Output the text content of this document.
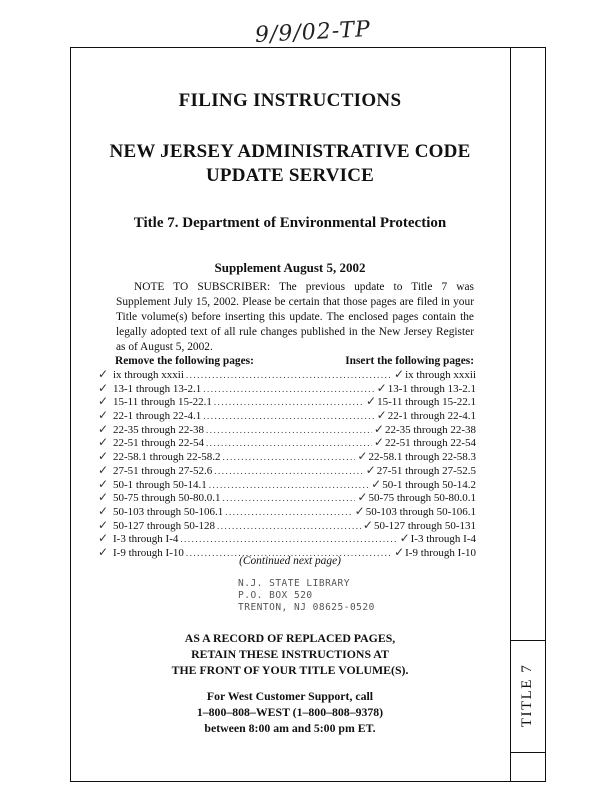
9/9/02-TP
TITLE 7
FILING INSTRUCTIONS
NEW JERSEY ADMINISTRATIVE CODE
UPDATE SERVICE
Title 7. Department of Environmental Protection
Supplement August 5, 2002
NOTE TO SUBSCRIBER: The previous update to Title 7 was Supplement July 15, 2002. Please be certain that those pages are filed in your Title volume(s) before inserting this update. The enclosed pages contain the legally adopted text of all rule changes published in the New Jersey Register as of August 5, 2002.
Remove the following pages:	Insert the following pages:
✓ ix through xxxii .....	✓ ix through xxxii
✓ 13-1 through 13-2.1 .....	✓ 13-1 through 13-2.1
✓ 15-11 through 15-22.1 .....	✓ 15-11 through 15-22.1
✓ 22-1 through 22-4.1 .....	✓ 22-1 through 22-4.1
✓ 22-35 through 22-38 .....	✓ 22-35 through 22-38
✓ 22-51 through 22-54 .....	✓ 22-51 through 22-54
✓ 22-58.1 through 22-58.2 .....	✓ 22-58.1 through 22-58.3
✓ 27-51 through 27-52.6 .....	✓ 27-51 through 27-52.5
✓ 50-1 through 50-14.1 .....	✓ 50-1 through 50-14.2
✓ 50-75 through 50-80.0.1 .....	✓ 50-75 through 50-80.0.1
✓ 50-103 through 50-106.1 .....	✓ 50-103 through 50-106.1
✓ 50-127 through 50-128 .....	✓ 50-127 through 50-131
✓ I-3 through I-4 .....	✓ I-3 through I-4
✓ I-9 through I-10 .....	✓ I-9 through I-10
(Continued next page)
N.J. STATE LIBRARY
P.O. BOX 520
TRENTON, NJ 08625-0520
AS A RECORD OF REPLACED PAGES,
RETAIN THESE INSTRUCTIONS AT
THE FRONT OF YOUR TITLE VOLUME(S).
For West Customer Support, call
1–800–808–WEST (1–800–808–9378)
between 8:00 am and 5:00 pm ET.
